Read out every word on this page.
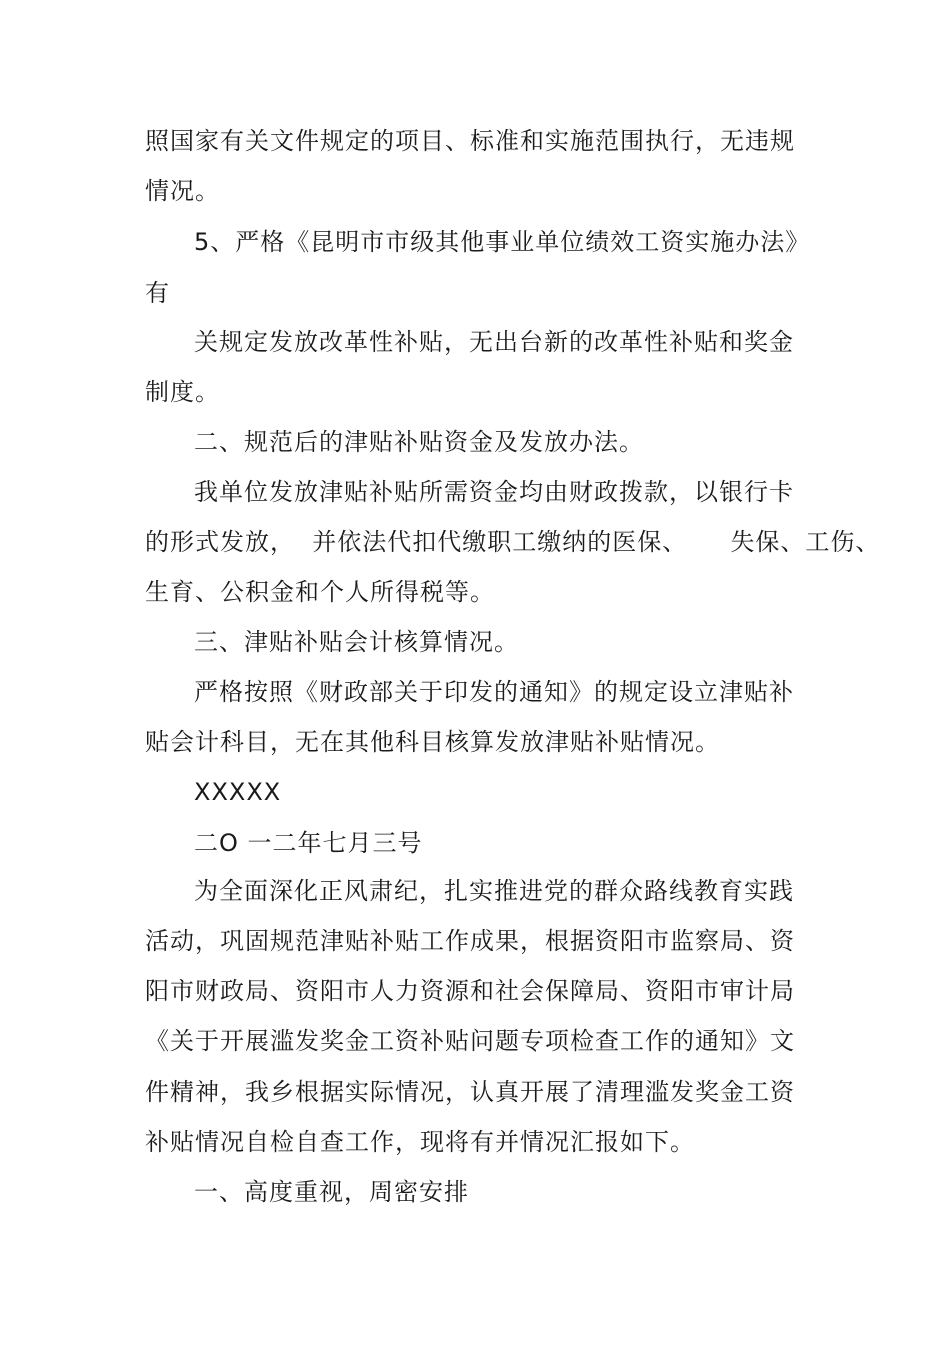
照国家有关文件规定的项目、标准和实施范围执行，无违规
情况。
5、严格《昆明市市级其他事业单位绩效工资实施办法》
有
关规定发放改革性补贴，无出台新的改革性补贴和奖金
制度。
二、规范后的津贴补贴资金及发放办法。
我单位发放津贴补贴所需资金均由财政拨款，以银行卡
的形式发放，  并依法代扣代缴职工缴纳的医保、     失保、工伤、
生育、公积金和个人所得税等。
三、津贴补贴会计核算情况。
严格按照《财政部关于印发的通知》的规定设立津贴补
贴会计科目，无在其他科目核算发放津贴补贴情况。
XXXXX
二O 一二年七月三号
为全面深化正风肃纪，扎实推进党的群众路线教育实践
活动，巩固规范津贴补贴工作成果，根据资阳市监察局、资
阳市财政局、资阳市人力资源和社会保障局、资阳市审计局
《关于开展滥发奖金工资补贴问题专项检查工作的通知》文
件精神，我乡根据实际情况，认真开展了清理滥发奖金工资
补贴情况自检自查工作，现将有并情况汇报如下。
一、高度重视，周密安排
